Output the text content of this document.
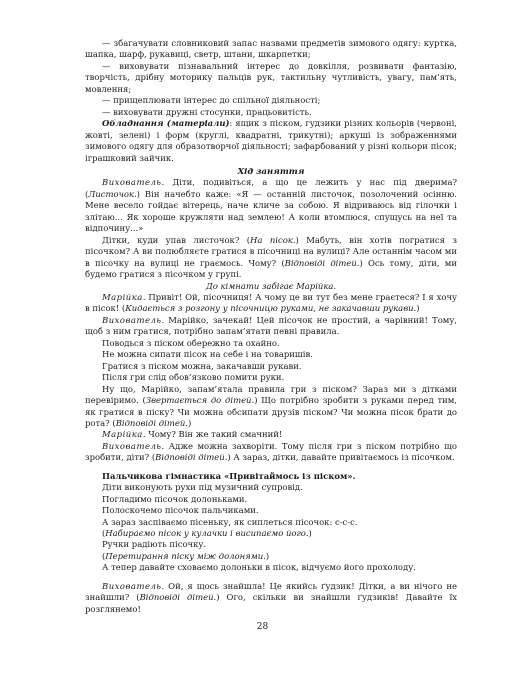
— збагачувати словниковий запас назвами предметів зимового одягу: куртка, шапка, шарф, рукавиці, светр, штани, шкарпетки;

— виховувати пізнавальний інтерес до довкілля, розвивати фантазію, творчість, дрібну моторику пальців рук, тактильну чутливість, увагу, пам’ять, мовлення;

— прищеплювати інтерес до спільної діяльності;

— виховувати дружні стосунки, працьовитість.

Обладнання (матеріали): ящик з піском, гудзики різних кольорів (червоні, жовті, зелені) і форм (круглі, квадратні, трикутні); аркуші із зображеннями зимового одягу для образотворчої діяльності; зафарбований у різні кольори пісок; іграшковий зайчик.

Хід заняття

Вихователь. Діти, подивіться, а що це лежить у нас під дверима? (Листочок.) Він начебто каже: «Я — останній листочок, позолочений осінню. Мене весело гойдає вітерець, наче кличе за собою. Я відриваюсь від гілочки і злітаю... Як хороше кружляти над землею! А коли втомлюся, спущусь на неї та відпочину...»

Дітки, куди упав листочок? (На пісок.) Мабуть, він хотів погратися з пісочком? А ви полюбляєте гратися в пісочниці на вулиці? Але останнім часом ми в пісочку на вулиці не граємось. Чому? (Відповіді дітей.) Ось тому, діти, ми будемо гратися з пісочком у групі.

До кімнати забігає Марійка.

Марійка. Привіт! Ой, пісочниця! А чому це ви тут без мене граєтеся? І я хочу в пісок! (Кидається з розгону у пісочницю руками, не закачавши рукави.)

Вихователь. Марійко, зачекай! Цей пісочок не простий, а чарівний! Тому, щоб з ним гратися, потрібно запам’ятати певні правила.

Поводься з піском обережно та охайно.

Не можна сипати пісок на себе і на товаришів.

Гратися з піском можна, закачавши рукави.

Після гри слід обов’язково помити руки.

Ну що, Марійко, запам’ятала правила гри з піском? Зараз ми з дітками перевіримо. (Звертається до дітей.) Що потрібно зробити з руками перед тим, як гратися в піску? Чи можна обсипати друзів піском? Чи можна пісок брати до рота? (Відповіді дітей.)

Марійка. Чому? Він же такий смачний!

Вихователь. Адже можна захворіти. Тому після гри з піском потрібно що зробити, діти? (Відповіді дітей.) А зараз, дітки, давайте привітаємось із пісочком.

Пальчикова гімнастика «Привітаймось із піском».

Діти виконують рухи під музичний супровід.

Погладимо пісочок долоньками.

Полоскочемо пісочок пальчиками.

А зараз заспіваємо пісеньку, як сиплеться пісочок: с-с-с.

(Набираємо пісок у кулачки і висипаємо його.)

Ручки радіють пісочку.

(Перетирання піску між долонями.)

А тепер давайте сховаємо долоньки в пісок, відчуємо його прохолоду.

Вихователь. Ой, я щось знайшла! Це якийсь ґудзик! Дітки, а ви нічого не знайшли? (Відповіді дітей.) Ого, скільки ви знайшли ґудзиків! Давайте їх розглянемо!

28
